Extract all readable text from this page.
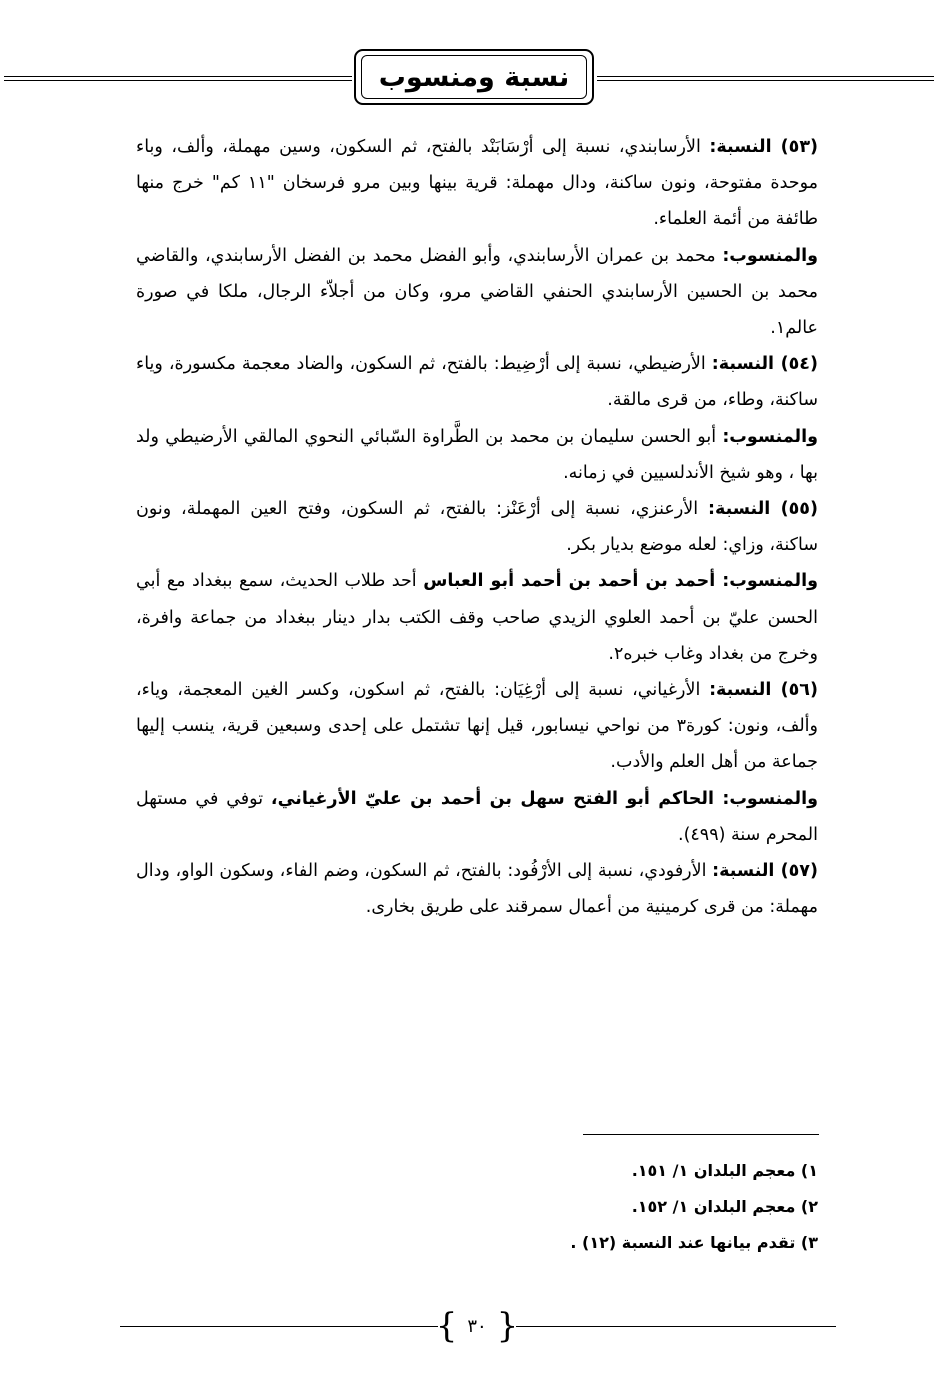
نسبة ومنسوب

(٥٣) النسبة: الأرسابندي، نسبة إلى أرْسَابَنْد بالفتح، ثم السكون، وسين مهملة، وألف، وباء موحدة مفتوحة، ونون ساكنة، ودال مهملة: قرية بينها وبين مرو فرسخان "١١ كم" خرج منها طائفة من أئمة العلماء.

والمنسوب: محمد بن عمران الأرسابندي، وأبو الفضل محمد بن الفضل الأرسابندي، والقاضي محمد بن الحسين الأرسابندي الحنفي القاضي مرو، وكان من أجلاّء الرجال، ملكا في صورة عالم١.

(٥٤) النسبة: الأرضيطي، نسبة إلى أرْضِيط: بالفتح، ثم السكون، والضاد معجمة مكسورة، وياء ساكنة، وطاء، من قرى مالقة.

والمنسوب: أبو الحسن سليمان بن محمد بن الطَّراوة السّبائي النحوي المالقي الأرضيطي ولد بها ، وهو شيخ الأندلسيين في زمانه.

(٥٥) النسبة: الأرعنزي، نسبة إلى أرْعَنْز: بالفتح، ثم السكون، وفتح العين المهملة، ونون ساكنة، وزاي: لعله موضع بديار بكر.

والمنسوب: أحمد بن أحمد بن أحمد أبو العباس أحد طلاب الحديث، سمع ببغداد مع أبي الحسن عليّ بن أحمد العلوي الزيدي صاحب وقف الكتب بدار دينار ببغداد من جماعة وافرة، وخرج من بغداد وغاب خبره٢.

(٥٦) النسبة: الأرغياني، نسبة إلى أرْغِيَان: بالفتح، ثم اسكون، وكسر الغين المعجمة، وياء، وألف، ونون: كورة٣ من نواحي نيسابور، قيل إنها تشتمل على إحدى وسبعين قرية، ينسب إليها جماعة من أهل العلم والأدب.

والمنسوب: الحاكم أبو الفتح سهل بن أحمد بن عليّ الأرغياني، توفي في مستهل المحرم سنة (٤٩٩).

(٥٧) النسبة: الأرفودي، نسبة إلى الأرْفُود: بالفتح، ثم السكون، وضم الفاء، وسكون الواو، ودال مهملة: من قرى كرمينية من أعمال سمرقند على طريق بخارى.

١) معجم البلدان ١/ ١٥١.

٢) معجم البلدان ١/ ١٥٢.

٣) تقدم بيانها عند النسبة (١٢) .

{ ٣٠ }
